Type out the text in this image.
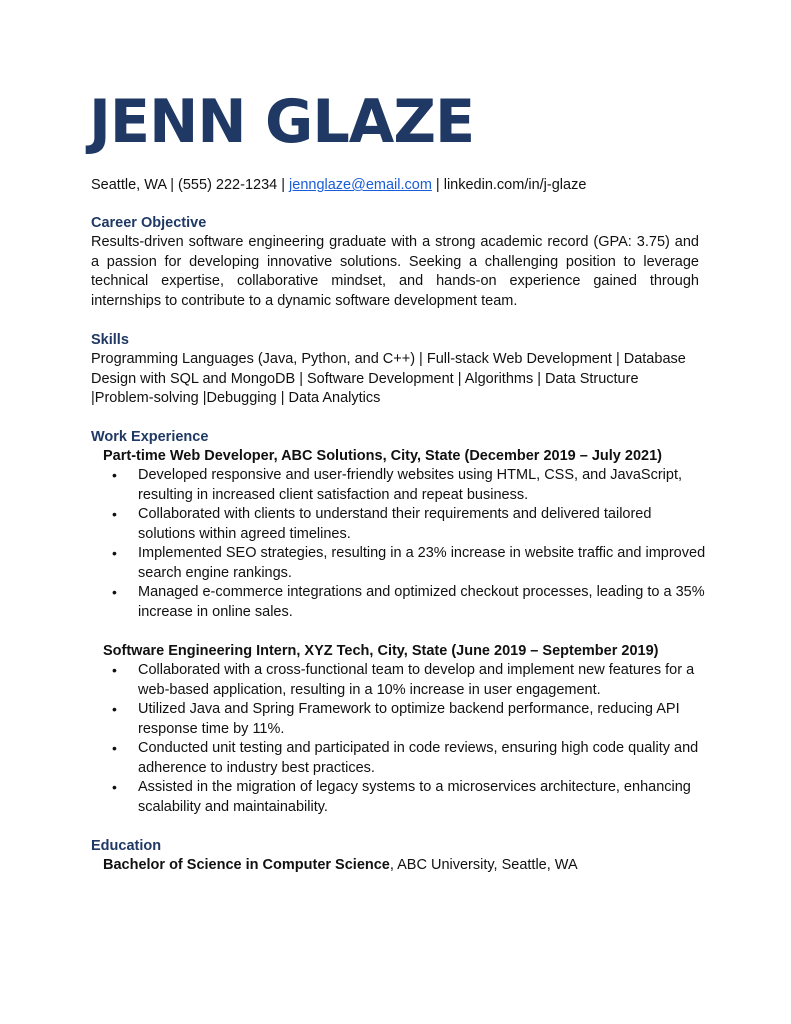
JENN GLAZE
Seattle, WA | (555) 222-1234 | jennglaze@email.com | linkedin.com/in/j-glaze
Career Objective

Results-driven software engineering graduate with a strong academic record (GPA: 3.75) and a passion for developing innovative solutions. Seeking a challenging position to leverage technical expertise, collaborative mindset, and hands-on experience gained through internships to contribute to a dynamic software development team.

Skills

Programming Languages (Java, Python, and C++) | Full-stack Web Development | Database Design with SQL and MongoDB | Software Development | Algorithms | Data Structure |Problem-solving |Debugging | Data Analytics

Work Experience
Part-time Web Developer, ABC Solutions, City, State (December 2019 – July 2021)
• Developed responsive and user-friendly websites using HTML, CSS, and JavaScript, resulting in increased client satisfaction and repeat business.
• Collaborated with clients to understand their requirements and delivered tailored solutions within agreed timelines.
• Implemented SEO strategies, resulting in a 23% increase in website traffic and improved search engine rankings.
• Managed e-commerce integrations and optimized checkout processes, leading to a 35% increase in online sales.
Software Engineering Intern, XYZ Tech, City, State (June 2019 – September 2019)
• Collaborated with a cross-functional team to develop and implement new features for a web-based application, resulting in a 10% increase in user engagement.
• Utilized Java and Spring Framework to optimize backend performance, reducing API response time by 11%.
• Conducted unit testing and participated in code reviews, ensuring high code quality and adherence to industry best practices.
• Assisted in the migration of legacy systems to a microservices architecture, enhancing scalability and maintainability.
Education
Bachelor of Science in Computer Science, ABC University, Seattle, WA
